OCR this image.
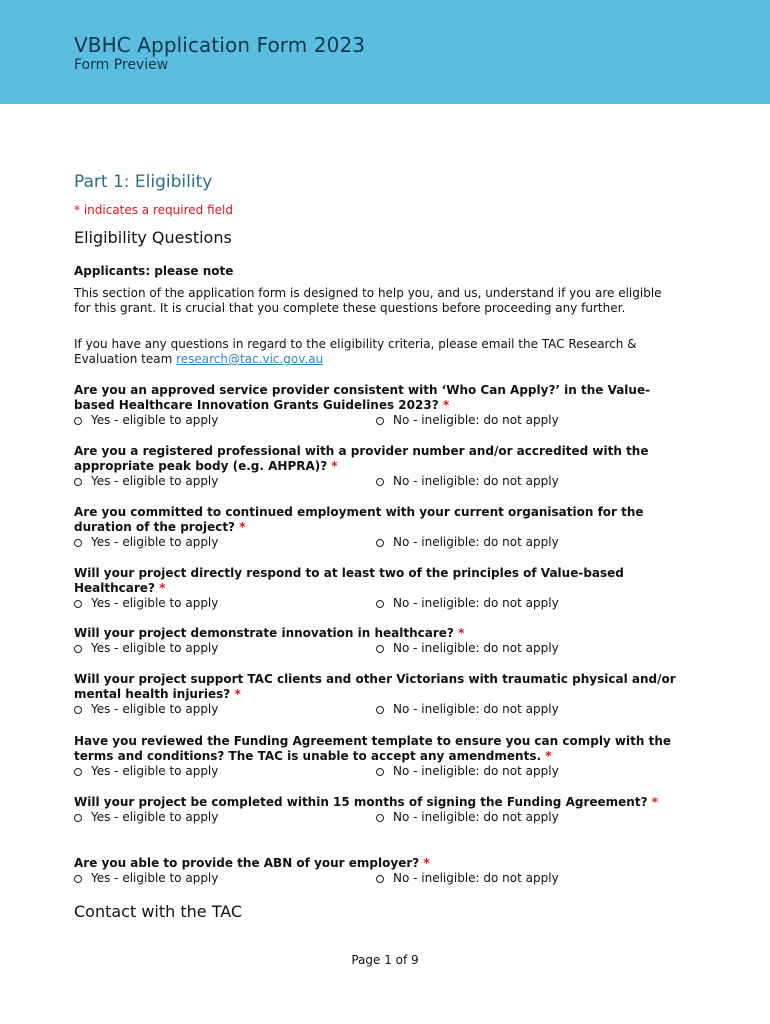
VBHC Application Form 2023
Form Preview
Part 1: Eligibility
* indicates a required field
Eligibility Questions
Applicants: please note
This section of the application form is designed to help you, and us, understand if you are eligible for this grant. It is crucial that you complete these questions before proceeding any further.
If you have any questions in regard to the eligibility criteria, please email the TAC Research & Evaluation team research@tac.vic.gov.au
Are you an approved service provider consistent with ‘Who Can Apply?’ in the Value-based Healthcare Innovation Grants Guidelines 2023? *
Yes - eligible to apply	No - ineligible: do not apply
Are you a registered professional with a provider number and/or accredited with the appropriate peak body (e.g. AHPRA)? *
Yes - eligible to apply	No - ineligible: do not apply
Are you committed to continued employment with your current organisation for the duration of the project? *
Yes - eligible to apply	No - ineligible: do not apply
Will your project directly respond to at least two of the principles of Value-based Healthcare? *
Yes - eligible to apply	No - ineligible: do not apply
Will your project demonstrate innovation in healthcare? *
Yes - eligible to apply	No - ineligible: do not apply
Will your project support TAC clients and other Victorians with traumatic physical and/or mental health injuries? *
Yes - eligible to apply	No - ineligible: do not apply
Have you reviewed the Funding Agreement template to ensure you can comply with the terms and conditions? The TAC is unable to accept any amendments. *
Yes - eligible to apply	No - ineligible: do not apply
Will your project be completed within 15 months of signing the Funding Agreement? *
Yes - eligible to apply	No - ineligible: do not apply
Are you able to provide the ABN of your employer? *
Yes - eligible to apply	No - ineligible: do not apply
Contact with the TAC
Page 1 of 9
